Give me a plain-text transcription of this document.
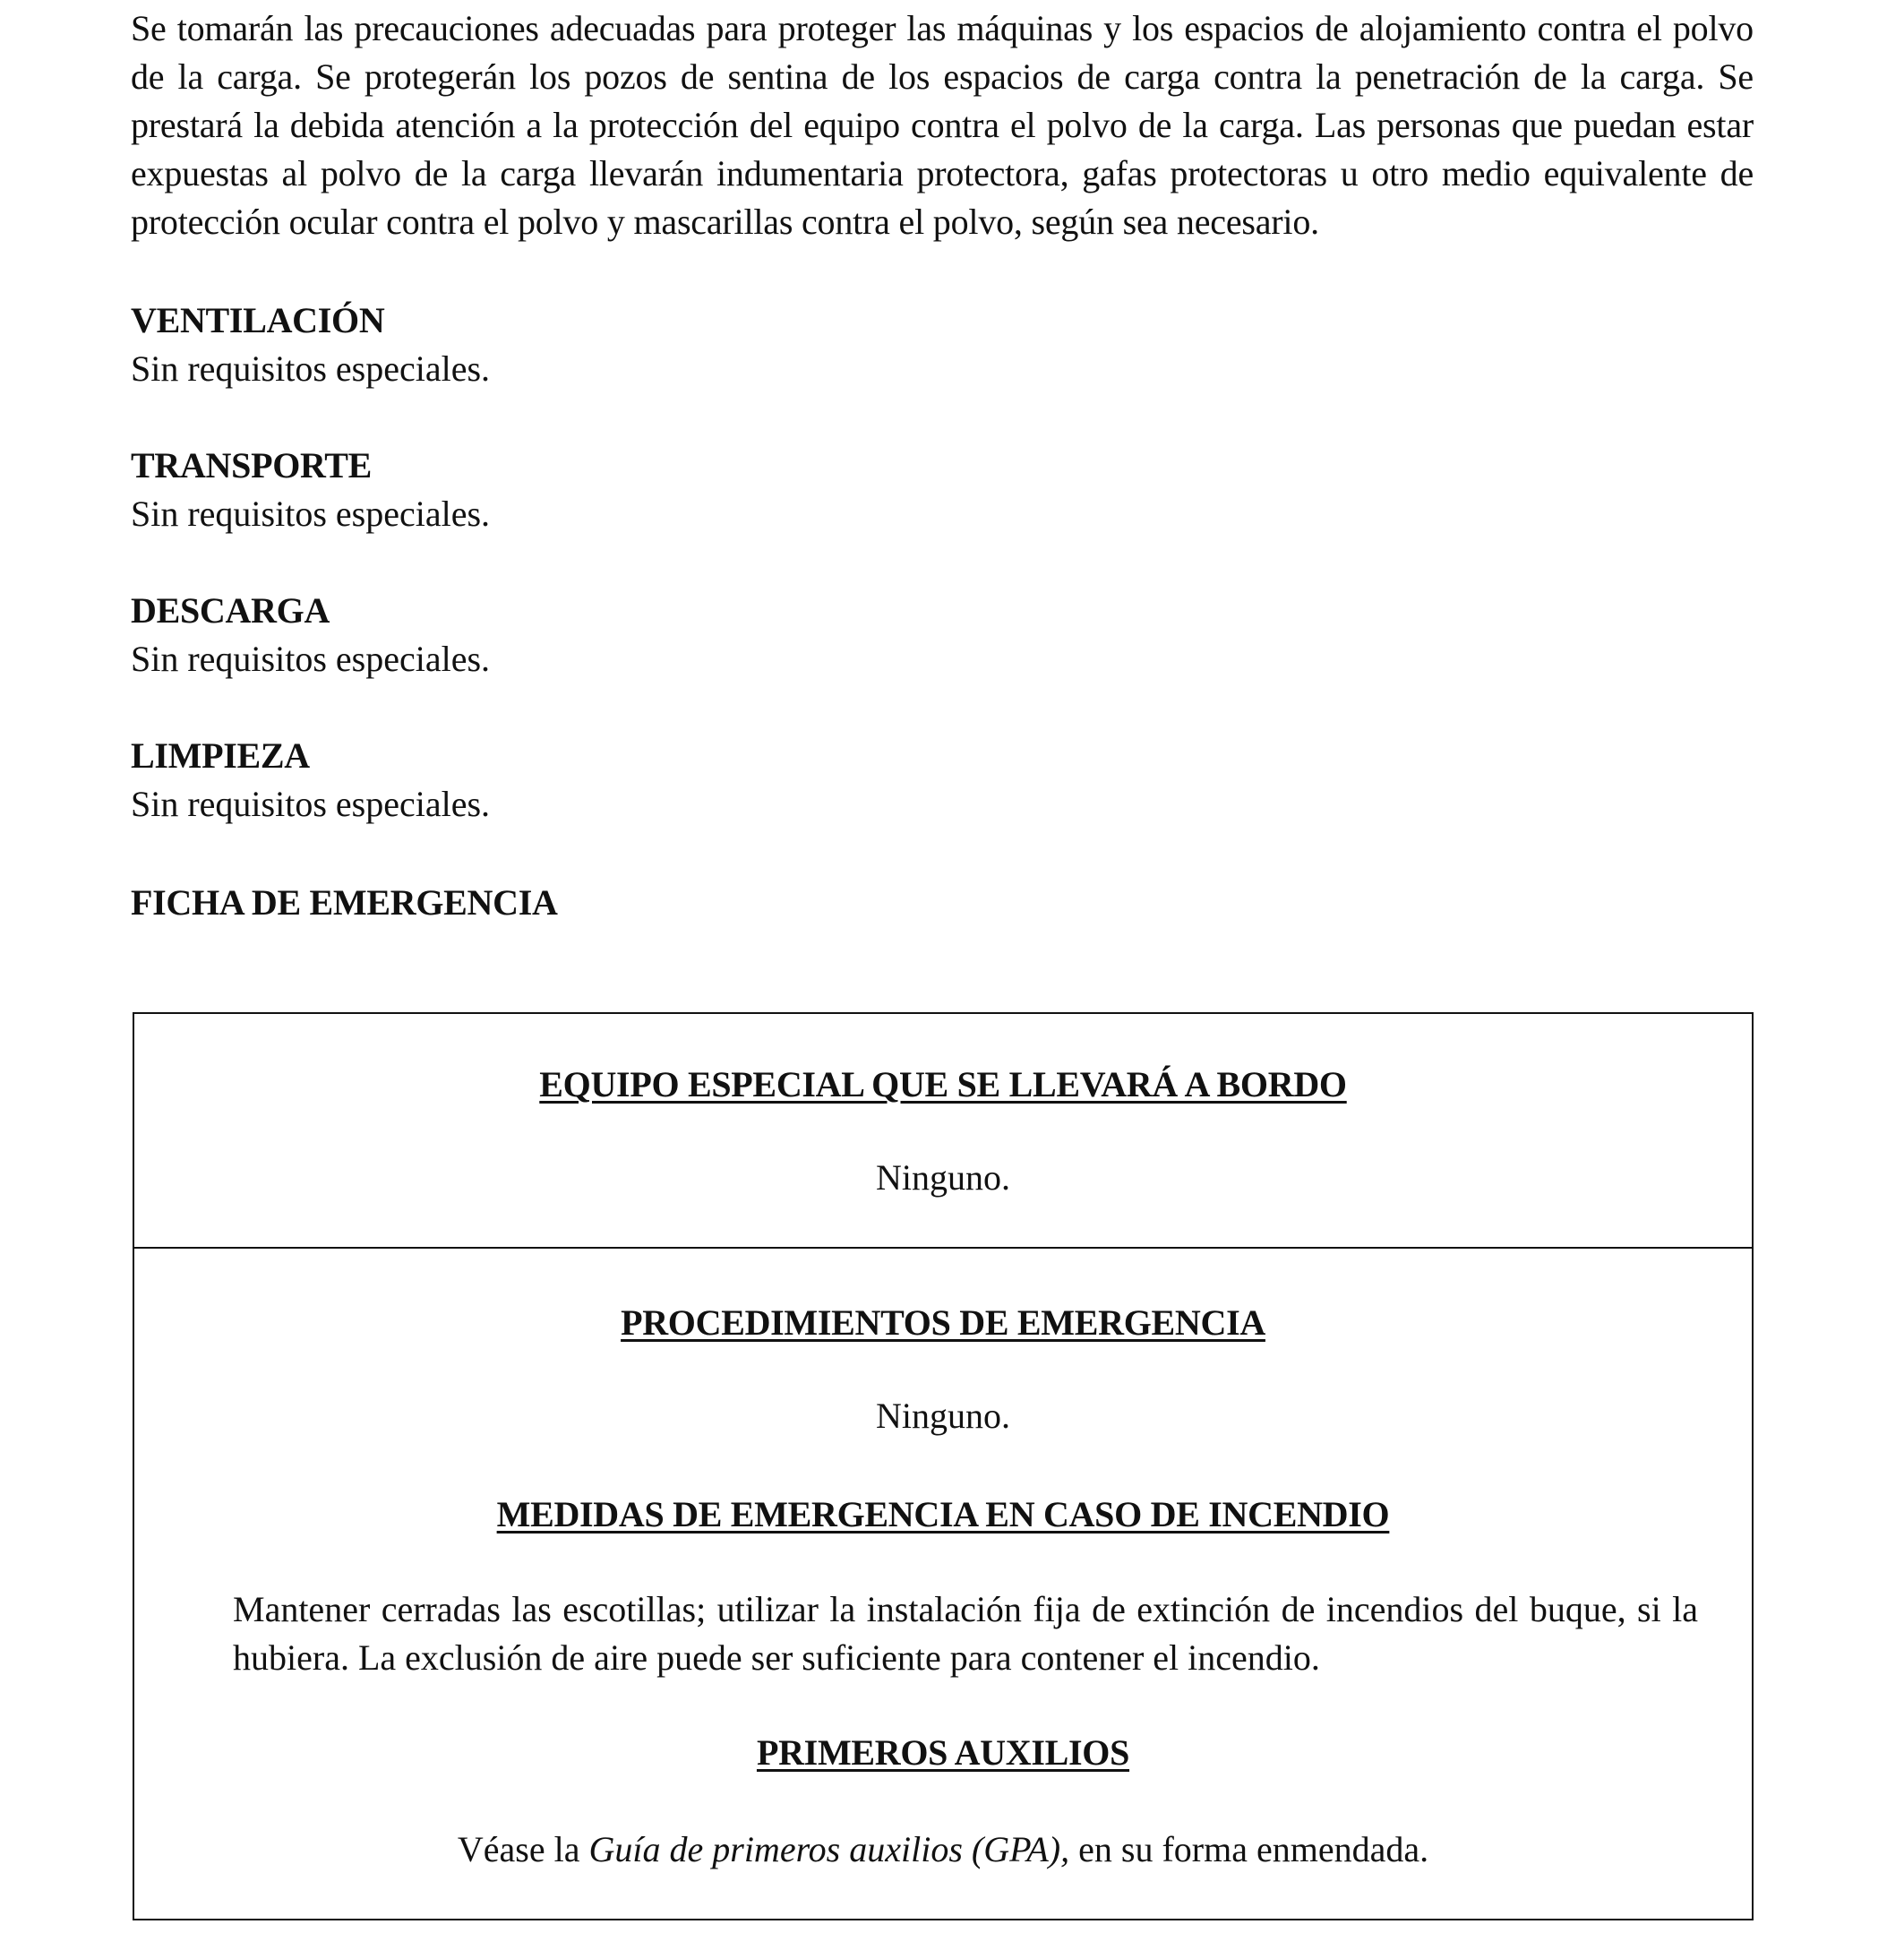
Se tomarán las precauciones adecuadas para proteger las máquinas y los espacios de alojamiento contra el polvo de la carga. Se protegerán los pozos de sentina de los espacios de carga contra la penetración de la carga. Se prestará la debida atención a la protección del equipo contra el polvo de la carga. Las personas que puedan estar expuestas al polvo de la carga llevarán indumentaria protectora, gafas protectoras u otro medio equivalente de protección ocular contra el polvo y mascarillas contra el polvo, según sea necesario.

VENTILACIÓN

Sin requisitos especiales.

TRANSPORTE

Sin requisitos especiales.

DESCARGA

Sin requisitos especiales.

LIMPIEZA

Sin requisitos especiales.

FICHA DE EMERGENCIA

EQUIPO ESPECIAL QUE SE LLEVARÁ A BORDO

Ninguno.

PROCEDIMIENTOS DE EMERGENCIA

Ninguno.

MEDIDAS DE EMERGENCIA EN CASO DE INCENDIO

Mantener cerradas las escotillas; utilizar la instalación fija de extinción de incendios del buque, si la hubiera. La exclusión de aire puede ser suficiente para contener el incendio.

PRIMEROS AUXILIOS

Véase la Guía de primeros auxilios (GPA), en su forma enmendada.
